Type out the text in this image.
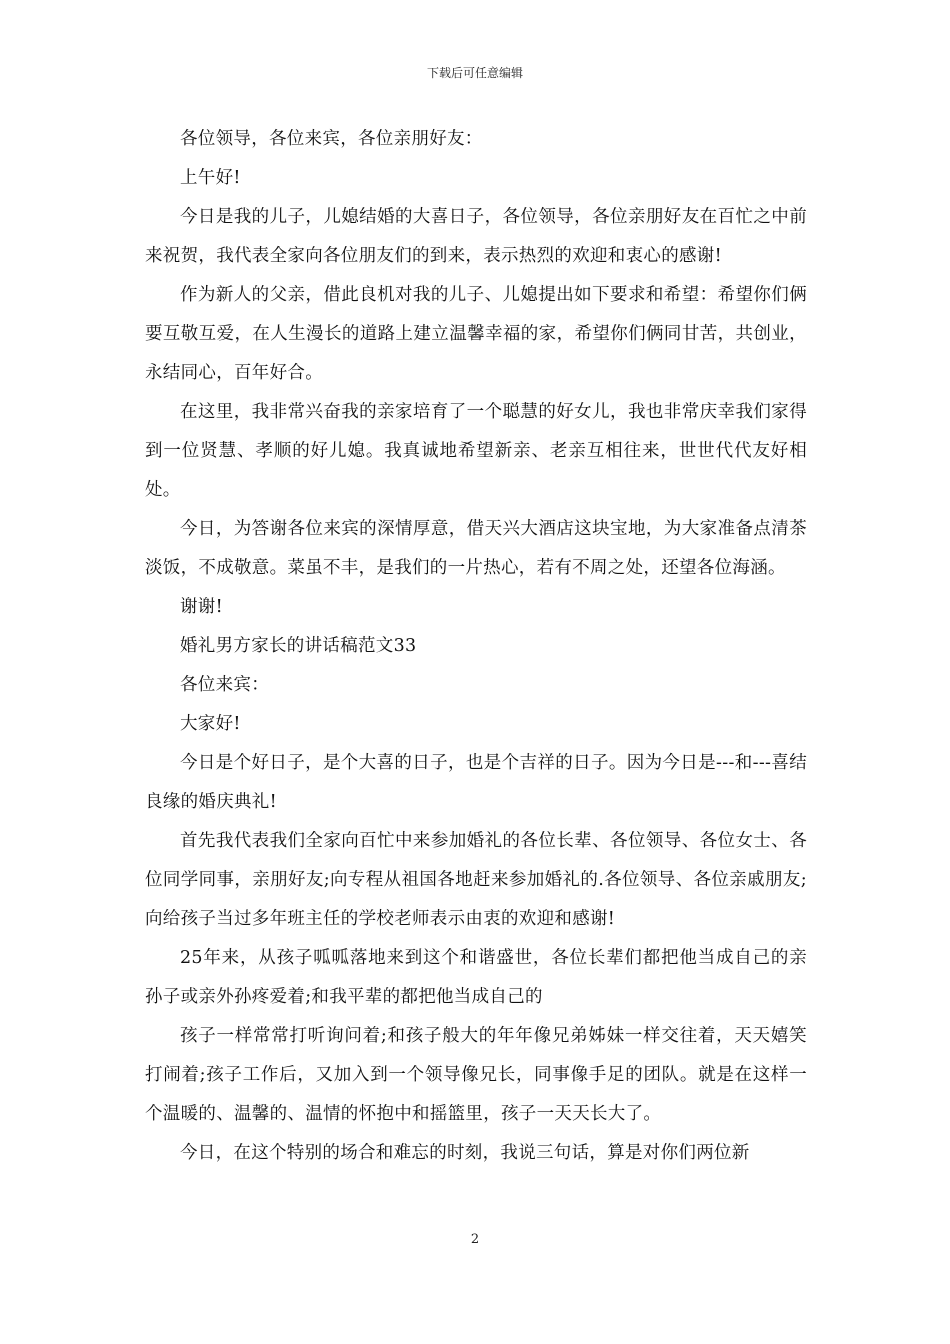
下载后可任意编辑

各位领导，各位来宾，各位亲朋好友：

上午好!

今日是我的儿子，儿媳结婚的大喜日子，各位领导，各位亲朋好友在百忙之中前来祝贺，我代表全家向各位朋友们的到来，表示热烈的欢迎和衷心的感谢!

作为新人的父亲，借此良机对我的儿子、儿媳提出如下要求和希望：希望你们俩要互敬互爱，在人生漫长的道路上建立温馨幸福的家，希望你们俩同甘苦，共创业，永结同心，百年好合。

在这里，我非常兴奋我的亲家培育了一个聪慧的好女儿，我也非常庆幸我们家得到一位贤慧、孝顺的好儿媳。我真诚地希望新亲、老亲互相往来，世世代代友好相处。

今日，为答谢各位来宾的深情厚意，借天兴大酒店这块宝地，为大家准备点清茶淡饭，不成敬意。菜虽不丰，是我们的一片热心，若有不周之处，还望各位海涵。

谢谢!

婚礼男方家长的讲话稿范文33

各位来宾：

大家好!

今日是个好日子，是个大喜的日子，也是个吉祥的日子。因为今日是---和---喜结良缘的婚庆典礼!

首先我代表我们全家向百忙中来参加婚礼的各位长辈、各位领导、各位女士、各位同学同事，亲朋好友;向专程从祖国各地赶来参加婚礼的.各位领导、各位亲戚朋友;向给孩子当过多年班主任的学校老师表示由衷的欢迎和感谢!

25年来，从孩子呱呱落地来到这个和谐盛世，各位长辈们都把他当成自己的亲孙子或亲外孙疼爱着;和我平辈的都把他当成自己的

孩子一样常常打听询问着;和孩子般大的年年像兄弟姊妹一样交往着，天天嬉笑打闹着;孩子工作后，又加入到一个领导像兄长，同事像手足的团队。就是在这样一个温暖的、温馨的、温情的怀抱中和摇篮里，孩子一天天长大了。

今日，在这个特别的场合和难忘的时刻，我说三句话，算是对你们两位新

2
